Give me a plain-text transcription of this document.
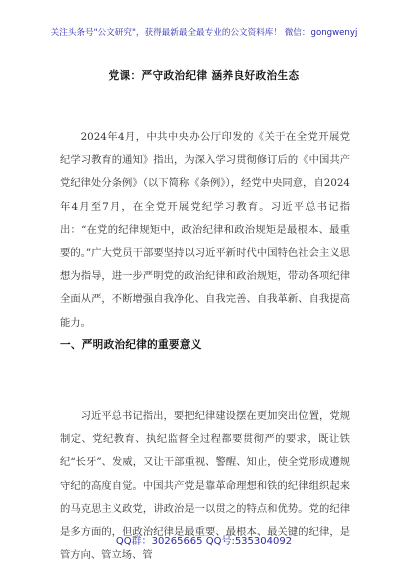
关注头条号"公文研究"，获得最新最全最专业的公文资料库！ 微信：gongwenyj
党课：严守政治纪律 涵养良好政治生态

2024年4月，中共中央办公厅印发的《关于在全党开展党纪学习教育的通知》指出，为深入学习贯彻修订后的《中国共产党纪律处分条例》（以下简称《条例》），经党中央同意，自2024年4月至7月，在全党开展党纪学习教育。习近平总书记指出：“在党的纪律规矩中，政治纪律和政治规矩是最根本、最重要的。”广大党员干部要坚持以习近平新时代中国特色社会主义思想为指导，进一步严明党的政治纪律和政治规矩，带动各项纪律全面从严，不断增强自我净化、自我完善、自我革新、自我提高能力。

一、严明政治纪律的重要意义

习近平总书记指出，要把纪律建设摆在更加突出位置，党规制定、党纪教育、执纪监督全过程都要贯彻严的要求，既让铁纪“长牙”、发威，又让干部重视、警醒、知止，使全党形成遵规守纪的高度自觉。中国共产党是靠革命理想和铁的纪律组织起来的马克思主义政党，讲政治是一以贯之的特点和优势。党的纪律是多方面的，但政治纪律是最重要、最根本、最关键的纪律，是管方向、管立场、管

QQ群：30265665 QQ号:535304092
